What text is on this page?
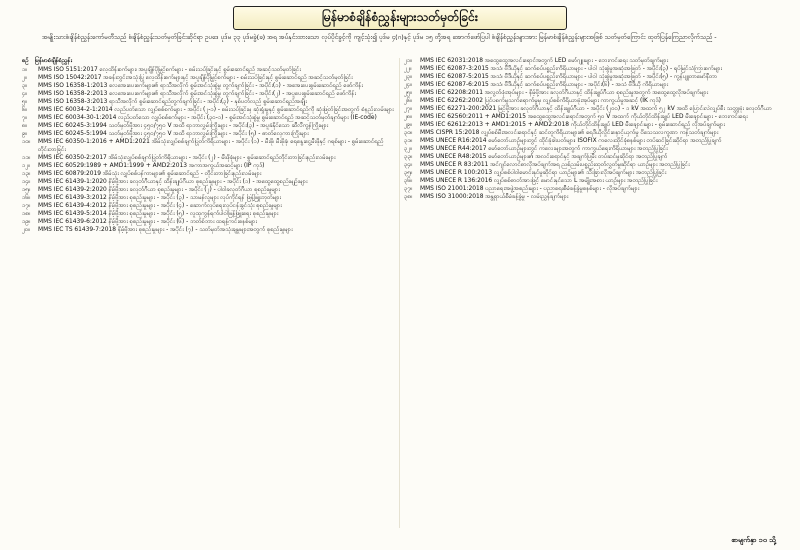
မြန်မာစံချိန်စံညွှန်းများသတ်မှတ်ခြင်း
အမျိုးသားစံချိန်စံညွှန်းကော်မတီသည် စံချိန်စံညွှန်းသတ်မှတ်ခြင်းဆိုင်ရာ ဥပဒေ ပုဒ်မ ၃၃ ပုဒ်မခွဲ(ခ) အရ အပ်နှင်းထားသော လုပ်ပိုင်ခွင့်ကို ကျင့်သုံး၍ ပုဒ်မ ၄(ဂ)နှင့် ပုဒ်မ ၁၅ တို့အရ အောက်ဖော်ပြပါ စံချိန်စံညွှန်းများအား မြန်မာစံချိန်စံညွှန်းများအဖြစ် သတ်မှတ်ကြောင်း ထုတ်ပြန်ကြေညာလိုက်သည် -
စဉ် မြန်မာစံချိန်စံညွှန်း
၁။	MMS ISO 5151:2017 လေ့ထိန်းစက်များ၊ အပူချိန်ပိုမြှင့်စက်များ - စမ်းသပ်ခြင်းနှင့် စွမ်းဆောင်ရည် အဆင့်သတ်မှတ်ခြင်း
၂။	MMS ISO 15042:2017 အခန်းတွင်းအသုံးပြု လေ့ထိန်းစက်များနှင့် အပူချိန်ပိုမြှင့်စက်များ - စမ်းသပ်ခြင်းနှင့် စွမ်းဆောင်ရည် အဆင့်သတ်မှတ်ခြင်း
၃။	MMS ISO 16358-1:2013 လေအေးပေးစက်များ၏ ရာသီအလိုက် စွမ်းအင်သုံးစွဲမှု တွက်ချက်ခြင်း - အပိုင်း(၁) - အအေးပေးစွမ်းဆောင်ရည် ဖော်ကိန်း
၄။	MMS ISO 16358-2:2013 လေအေးပေးစက်များ၏ ရာသီအလိုက် စွမ်းအင်သုံးစွဲမှု တွက်ချက်ခြင်း - အပိုင်း(၂) - အပူပေးစွမ်းဆောင်ရည် ဖော်ကိန်း
၅။	MMS ISO 16358-3:2013 ရာသီအလိုက် စွမ်းဆောင်ရည်တွက်ချက်ခြင်း - အပိုင်း(၃) - နှစ်ပတ်လည် စွမ်းဆောင်ရည်အချိုး
၆။	MMS IEC 60034-2-1:2014 လည်ပတ်သော လျှပ်စစ်စက်များ - အပိုင်း (၂-၁) - စမ်းသပ်ခြင်းမှ ဆုံးရှုံးမှုနှင့် စွမ်းဆောင်ရည်ကို ဆုံးဖြတ်ခြင်းအတွက် စံနည်းလမ်းများ
၇။	MMS IEC 60034-30-1:2014 လည်ပတ်သော လျှပ်စစ်စက်များ - အပိုင်း (၃၀-၁) - စွမ်းအင်သုံးစွဲမှု စွမ်းဆောင်ရည် အဆင့်သတ်မှတ်ချက်များ (IE-code)
၈။	MMS IEC 60245-3:1994 သတ်မှတ်ဗို့အား ၄၅၀/၇၅၀ V အထိ ရာဘာလွှမ်းကြိုးများ - အပိုင်း(၃) - အပူခံနိုင်သော ဆီလီကွန်ကြိုးများ
၉။	MMS IEC 60245-5:1994 သတ်မှတ်ဗို့အား ၄၅၀/၇၅၀ V အထိ ရာဘာလွှမ်းကြိုးများ - အပိုင်း (၅) - ဓာတ်လှေကားကြိုးများ
၁၀။	MMS IEC 60350-1:2016 + AMD1:2021 အိမ်သုံးလျှပ်စစ်ချက်ပြုတ်ကိရိယာများ - အပိုင်း (၁) - မီးဖို၊ မီးဖိုခုံ၊ ရေနွေးငွေ့မီးဖိုနှင့် ဂရစ်များ - စွမ်းဆောင်ရည်တိုင်းတာခြင်း
၁၁။	MMS IEC 60350-2:2017 အိမ်သုံးလျှပ်စစ်ချက်ပြုတ်ကိရိယာများ - အပိုင်း (၂) - မီးဖိုခုံများ - စွမ်းဆောင်ရည်တိုင်းတာခြင်းနည်းလမ်းများ
၁၂။	MMS IEC 60529:1989 + AMD1:1999 + AMD2:2013 အကာအကွယ်အဆင့်များ (IP ကုဒ်)
၁၃။	MMS IEC 60879:2019 အိမ်သုံး လျှပ်စစ်ပန်ကာများ၏ စွမ်းဆောင်ရည် - တိုင်းတာခြင်းနည်းလမ်းများ
၁၄။	MMS IEC 61439-1:2020 နိမ့်ဗို့အား ခလုတ်ဂီယာနှင့် ထိန်းချုပ်ဂီယာ စုစည်းမှုများ - အပိုင်း (၁) - အထွေထွေစည်းမျဉ်းများ
၁၅။	MMS IEC 61439-2:2020 နိမ့်ဗို့အား ခလုတ်ဂီယာ စုစည်းမှုများ - အပိုင်း (၂) - ပါဝါခလုတ်ဂီယာ စုစည်းမှုများ
၁၆။	MMS IEC 61439-3:2012 နိမ့်ဗို့အား စုစည်းမှုများ - အပိုင်း (၃) - သာမန်လူများ လုပ်ကိုင်ရန် ဖြန့်ဖြူးဘုတ်များ
၁၇။	MMS IEC 61439-4:2012 နိမ့်ဗို့အား စုစည်းမှုများ - အပိုင်း (၄) - ဆောက်လုပ်ရေးလုပ်ငန်းခွင်သုံး စုစည်းမှုများ
၁၈။	MMS IEC 61439-5:2014 နိမ့်ဗို့အား စုစည်းမှုများ - အပိုင်း (၅) - လူထုကွန်ရက်ပါဝါဖြန့်ဖြူးရေး စုစည်းမှုများ
၁၉။	MMS IEC 61439-6:2012 နိမ့်ဗို့အား စုစည်းမှုများ - အပိုင်း (၆) - ဘတ်စ်ဘား ထရန့်ကင်းစနစ်များ
၂၀။	MMS IEC TS 61439-7:2018 နိမ့်ဗို့အား စုစည်းမှုများ - အပိုင်း (၇) - သတ်မှတ်အသုံးချမှုများအတွက် စုစည်းမှုများ
၂၁။	MMS IEC 62031:2018 အထွေထွေအလင်းရောင်အတွက် LED မော်ဂျူးများ - ဘေးကင်းရေး သတ်မှတ်ချက်များ
၂၂။	MMS IEC 62087-3:2015 အသံ၊ ဗီဒီယိုနှင့် ဆက်စပ်ပစ္စည်းကိရိယာများ - ပါဝါ သုံးစွဲမှုအဆုံးအဖြတ် - အပိုင်း(၃) - ရုပ်မြင်သံကြားစက်များ
၂၃။	MMS IEC 62087-5:2015 အသံ၊ ဗီဒီယိုနှင့် ဆက်စပ်ပစ္စည်းကိရိယာများ - ပါဝါ သုံးစွဲမှုအဆုံးအဖြတ် - အပိုင်း(၅) - ကွန်ပျူတာမော်နီတာ
၂၄။	MMS IEC 62087-6:2015 အသံ၊ ဗီဒီယိုနှင့် ဆက်စပ်ပစ္စည်းကိရိယာများ - အပိုင်း(၆) - အသံ ဗီဒီယို ကိရိယာများ
၂၅။	MMS IEC 62208:2011 အလွတ်ဖုံးအုပ်များ - နိမ့်ဗို့အား ခလုတ်ဂီယာနှင့် ထိန်းချုပ်ဂီယာ စုစည်းမှုအတွက် အထွေထွေလိုအပ်ချက်များ
၂၆။	MMS IEC 62262:2002 ပြင်ပစက်မှုသက်ရောက်မှုမှ လျှပ်စစ်ကိရိယာဖုံးအုပ်များ ကာကွယ်မှုအဆင့် (IK ကုဒ်)
၂၇။	MMS IEC 62271-200:2021 မြင့်ဗို့အား ခလုတ်ဂီယာနှင့် ထိန်းချုပ်ဂီယာ - အပိုင်း (၂၀၀) - ၁ kV အထက် ၅၂ kV အထိ ပြောင်းလဲလျှပ်စီး သတ္တုဖုံး ခလုတ်ဂီယာ
၂၈။	MMS IEC 62560:2011 + AMD1:2015 အထွေထွေအလင်းရောင်အတွက် ၅၀ V အထက် ကိုယ်တိုင်ထိန်းချုပ် LED မီးချောင်းများ - ဘေးကင်းရေး
၂၉။	MMS IEC 62612:2013 + AMD1:2015 + AMD2:2018 ကိုယ်တိုင်ထိန်းချုပ် LED မီးချောင်းများ - စွမ်းဆောင်ရည် လိုအပ်ချက်များ
၃၀။	MMS CISPR 15:2018 လျှပ်စစ်မီးအလင်းရောင်နှင့် ဆင်တူကိရိယာများ၏ ရေဒီယိုလှိုင်းနှောင့်ယှက်မှု ဝိသေသလက္ခဏာ ကန့်သတ်ချက်များ
၃၁။	MMS UNECE R16:2014 မော်တော်ယာဉ်များတွင် ထိုင်ခုံခါးပတ်များ၊ ISOFIX ကလေးထိုင်ခုံစနစ်များ တပ်ဆင်ခြင်းဆိုင်ရာ အတည်ပြုချက်
၃၂။	MMS UNECE R44:2017 မော်တော်ယာဉ်များတွင် ကလေးများအတွက် ကာကွယ်ရေးကိရိယာများ အတည်ပြုခြင်း
၃၃။	MMS UNECE R48:2015 မော်တော်ယာဉ်များ၏ အလင်းရောင်နှင့် အချက်ပြမီး တပ်ဆင်မှုဆိုင်ရာ အတည်ပြုချက်
၃၄။	MMS UNECE R 83:2011 အင်ဂျင်လောင်စာလိုအပ်ချက်အရ ညစ်ညမ်းပစ္စည်းထုတ်လွှတ်မှုဆိုင်ရာ ယာဉ်များ အတည်ပြုခြင်း
၃၅။	MMS UNECE R 100:2013 လျှပ်စစ်ပါဝါမောင်းနှင်မှုဆိုင်ရာ ယာဉ်များ၏ သီးခြားလိုအပ်ချက်များ အတည်ပြုခြင်း
၃၆။	MMS UNECE R 136:2016 လျှပ်စစ်ဓာတ်အားဖြင့် မောင်းနှင်သော L အမျိုးအစား ယာဉ်များ အတည်ပြုခြင်း
၃၇။	MMS ISO 21001:2018 ပညာရေးအဖွဲ့အစည်းများ - ပညာရေးစီမံခန့်ခွဲမှုစနစ်များ - လိုအပ်ချက်များ
၃၈။	MMS ISO 31000:2018 အန္တရာယ်စီမံခန့်ခွဲမှု - လမ်းညွှန်ချက်များ
စာမျက်နှာ ၁၀ သို့
